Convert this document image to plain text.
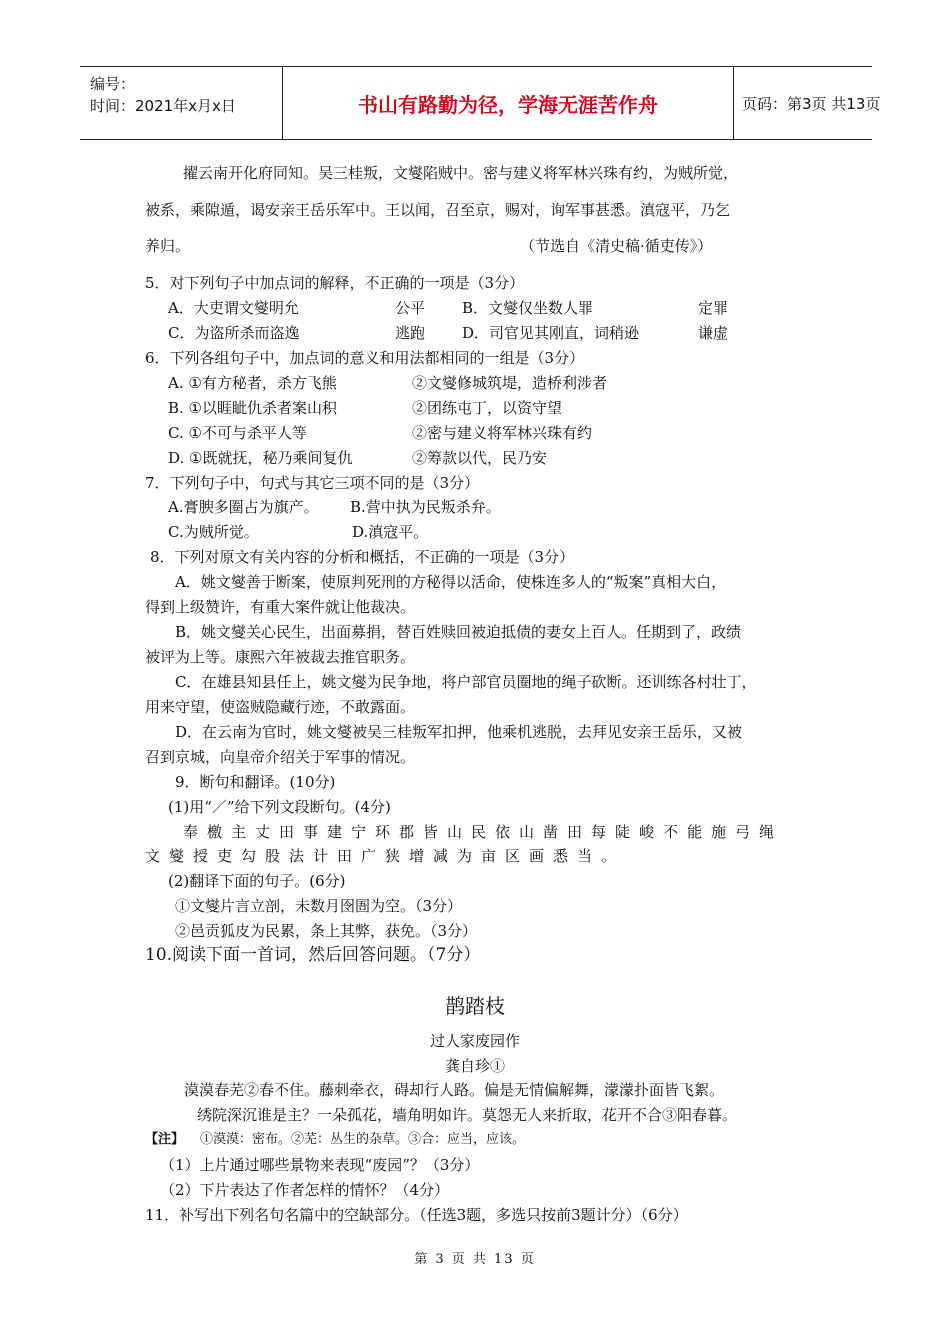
编号：
时间：2021年x月x日	书山有路勤为径，学海无涯苦作舟	页码：第3页 共13页
擢云南开化府同知。吴三桂叛，文燮陷贼中。密与建义将军林兴珠有约，为贼所觉，
被系，乘隙遁，谒安亲王岳乐军中。王以闻，召至京，赐对，询军事甚悉。滇寇平，乃乞
养归。	（节选自《清史稿·循吏传》）
5．对下列句子中加点词的解释，不正确的一项是（3分）
A．大吏谓文燮明允	公平 B．文燮仅坐数人罪	定罪
C．为盗所杀而盗逸	逃跑 D．司官见其刚直，词稍逊	谦虚
6．下列各组句子中，加点词的意义和用法都相同的一组是（3分）
A. ①有方秘者，杀方飞熊	②文燮修城筑堤，造桥利涉者
B. ①以睚眦仇杀者案山积	②团练屯丁，以资守望
C. ①不可与杀平人等	②密与建义将军林兴珠有约
D. ①既就抚，秘乃乘间复仇	②筹款以代，民乃安
7．下列句子中，句式与其它三项不同的是（3分）
A.膏腴多圈占为旗产。 B.营中执为民叛杀弁。
C.为贼所觉。	D.滇寇平。
8．下列对原文有关内容的分析和概括，不正确的一项是（3分）
A．姚文燮善于断案，使原判死刑的方秘得以活命，使株连多人的“叛案”真相大白，
得到上级赞许，有重大案件就让他裁决。
B．姚文燮关心民生，出面募捐，替百姓赎回被迫抵债的妻女上百人。任期到了，政绩
被评为上等。康熙六年被裁去推官职务。
C．在雄县知县任上，姚文燮为民争地，将户部官员圈地的绳子砍断。还训练各村壮丁，
用来守望，使盗贼隐藏行迹，不敢露面。
D．在云南为官时，姚文燮被吴三桂叛军扣押，他乘机逃脱，去拜见安亲王岳乐，又被
召到京城，向皇帝介绍关于军事的情况。
9．断句和翻译。(10分)
(1)用“／”给下列文段断句。(4分)
奉檄主丈田事建宁环郡皆山民依山凿田每陡峻不能施弓绳
文燮授吏勾股法计田广狭增减为亩区画悉当。
(2)翻译下面的句子。(6分)
①文燮片言立剖，未数月囹圄为空。（3分）
②邑贡狐皮为民累，条上其弊，获免。（3分）
10.阅读下面一首词，然后回答问题。（7分）
鹊踏枝
过人家废园作
龚自珍①
漠漠春芜②春不住。藤刺牵衣，碍却行人路。偏是无情偏解舞，濛濛扑面皆飞絮。
绣院深沉谁是主？一朵孤花，墙角明如许。莫怨无人来折取，花开不合③阳春暮。
【注】 ①漠漠：密布。②芜：丛生的杂草。③合：应当，应该。
（1）上片通过哪些景物来表现“废园”？（3分）
（2）下片表达了作者怎样的情怀？（4分）
11．补写出下列名句名篇中的空缺部分。（任选3题，多选只按前3题计分）（6分）
第 3 页 共 13 页
